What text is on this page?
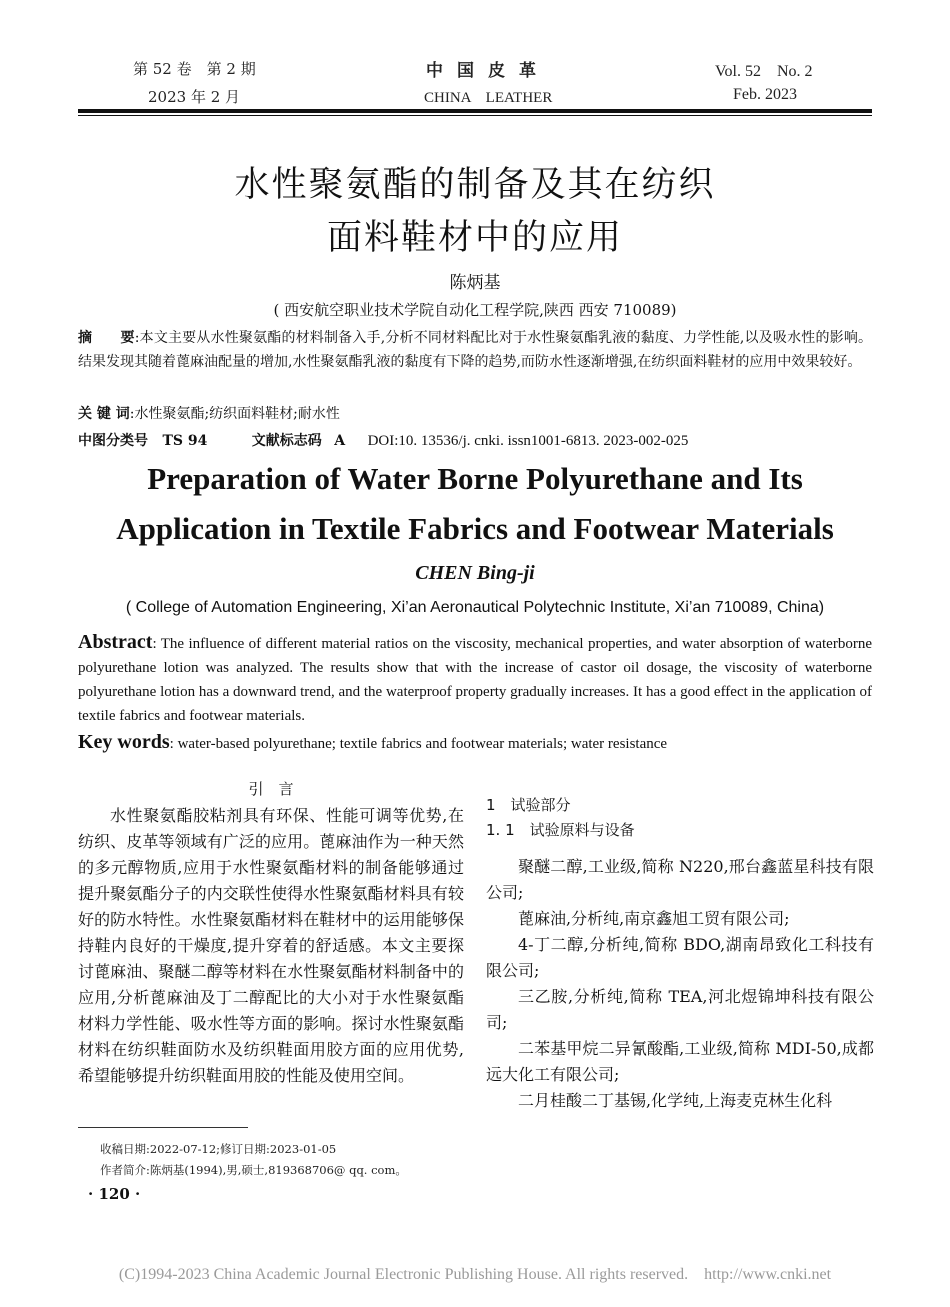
第 52 卷　第 2 期
2023 年 2 月
中国皮革
CHINA　LEATHER
Vol. 52　No. 2
Feb. 2023
水性聚氨酯的制备及其在纺织
面料鞋材中的应用
陈炳基
( 西安航空职业技术学院自动化工程学院,陕西 西安 710089)
摘　　要:本文主要从水性聚氨酯的材料制备入手,分析不同材料配比对于水性聚氨酯乳液的黏度、力学性能,以及吸水性的影响。结果发现其随着蓖麻油配量的增加,水性聚氨酯乳液的黏度有下降的趋势,而防水性逐渐增强,在纺织面料鞋材的应用中效果较好。
关 键 词:水性聚氨酯;纺织面料鞋材;耐水性
中图分类号 TS 94	文献标志码 A DOI:10. 13536/j. cnki. issn1001-6813. 2023-002-025
Preparation of Water Borne Polyurethane and Its
Application in Textile Fabrics and Footwear Materials
CHEN Bing-ji
( College of Automation Engineering, Xi’an Aeronautical Polytechnic Institute, Xi’an 710089, China)
Abstract: The influence of different material ratios on the viscosity, mechanical properties, and water absorption of waterborne polyurethane lotion was analyzed. The results show that with the increase of castor oil dosage, the viscosity of waterborne polyurethane lotion has a downward trend, and the waterproof property gradually increases. It has a good effect in the application of textile fabrics and footwear materials.
Key words: water-based polyurethane; textile fabrics and footwear materials; water resistance
引　言
水性聚氨酯胶粘剂具有环保、性能可调等优势,在纺织、皮革等领域有广泛的应用。蓖麻油作为一种天然的多元醇物质,应用于水性聚氨酯材料的制备能够通过提升聚氨酯分子的内交联性使得水性聚氨酯材料具有较好的防水特性。水性聚氨酯材料在鞋材中的运用能够保持鞋内良好的干燥度,提升穿着的舒适感。本文主要探讨蓖麻油、聚醚二醇等材料在水性聚氨酯材料制备中的应用,分析蓖麻油及丁二醇配比的大小对于水性聚氨酯材料力学性能、吸水性等方面的影响。探讨水性聚氨酯材料在纺织鞋面防水及纺织鞋面用胶方面的应用优势,希望能够提升纺织鞋面用胶的性能及使用空间。
1　试验部分
1. 1　试验原料与设备
聚醚二醇,工业级,简称 N220,邢台鑫蓝星科技有限公司;
蓖麻油,分析纯,南京鑫旭工贸有限公司;
4-丁二醇,分析纯,简称 BDO,湖南昂致化工科技有限公司;
三乙胺,分析纯,简称 TEA,河北煜锦坤科技有限公司;
二苯基甲烷二异氰酸酯,工业级,简称 MDI-50,成都远大化工有限公司;
二月桂酸二丁基锡,化学纯,上海麦克林生化科
收稿日期:2022-07-12;修订日期:2023-01-05
作者简介:陈炳基(1994),男,硕士,819368706@ qq. com。
· 120 ·
(C)1994-2023 China Academic Journal Electronic Publishing House. All rights reserved.　http://www.cnki.net
